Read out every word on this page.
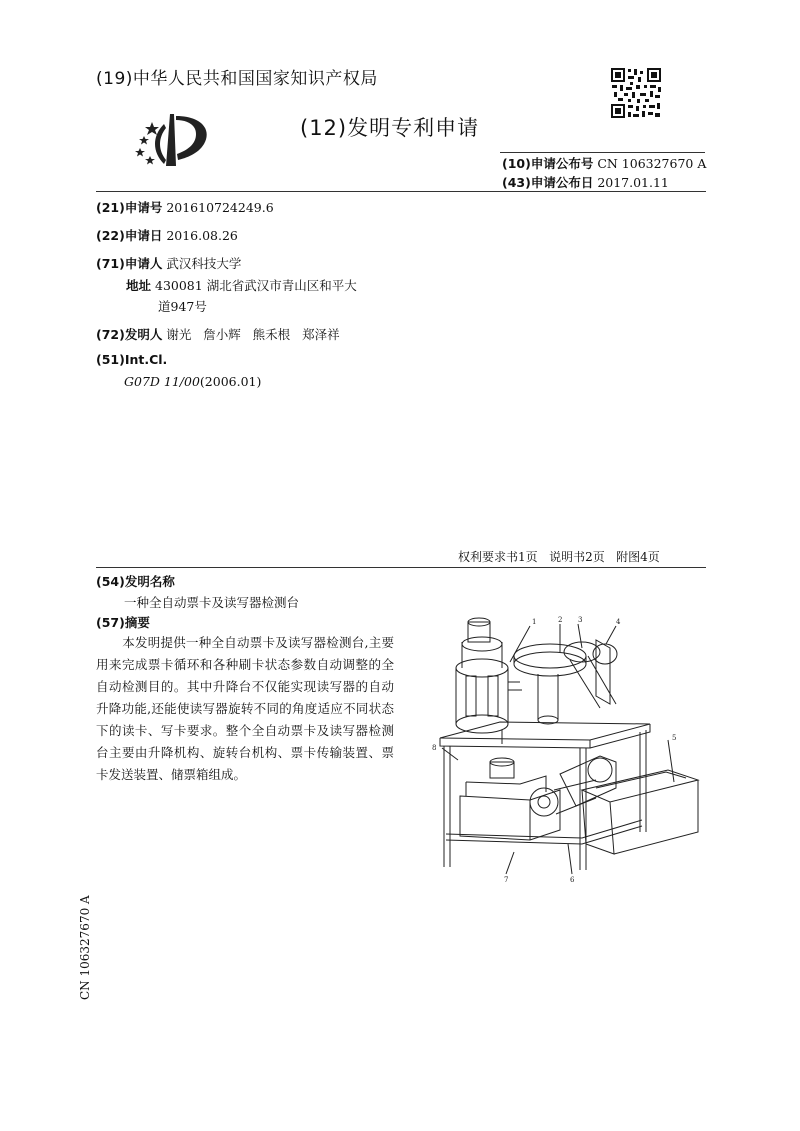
(19)中华人民共和国国家知识产权局
(12)发明专利申请
(10)申请公布号 CN 106327670 A
(43)申请公布日 2017.01.11
(21)申请号 201610724249.6
(22)申请日 2016.08.26
(71)申请人 武汉科技大学
地址 430081 湖北省武汉市青山区和平大
道947号
(72)发明人 谢光   詹小辉   熊禾根   郑泽祥
(51)Int.Cl.
G07D 11/00(2006.01)
权利要求书1页   说明书2页   附图4页
(54)发明名称
一种全自动票卡及读写器检测台
(57)摘要
本发明提供一种全自动票卡及读写器检测台,主要用来完成票卡循环和各种刷卡状态参数自动调整的全自动检测目的。其中升降台不仅能实现读写器的自动升降功能,还能使读写器旋转不同的角度适应不同状态下的读卡、写卡要求。整个全自动票卡及读写器检测台主要由升降机构、旋转台机构、票卡传输装置、票卡发送装置、储票箱组成。
1	2 3	4
5
6
7
8
CN 106327670 A
